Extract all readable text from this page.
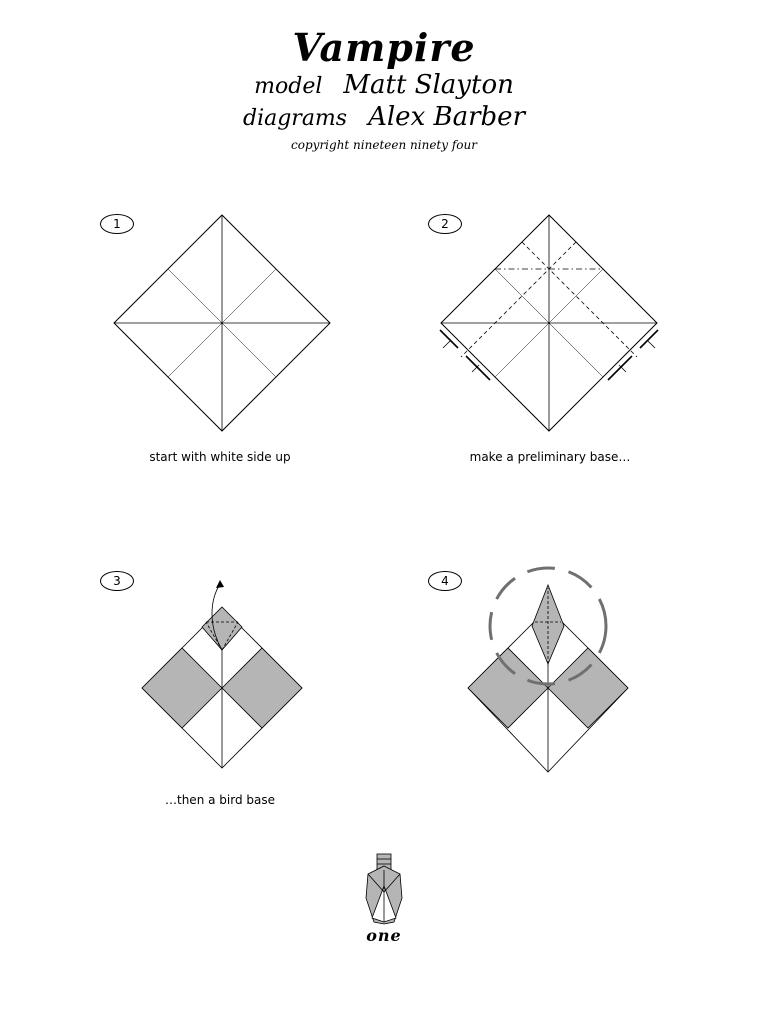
Vampire
model Matt Slayton
diagrams Alex Barber
copyright nineteen ninety four
1
start with white side up
2
make a preliminary base…
3
…then a bird base
4
one
